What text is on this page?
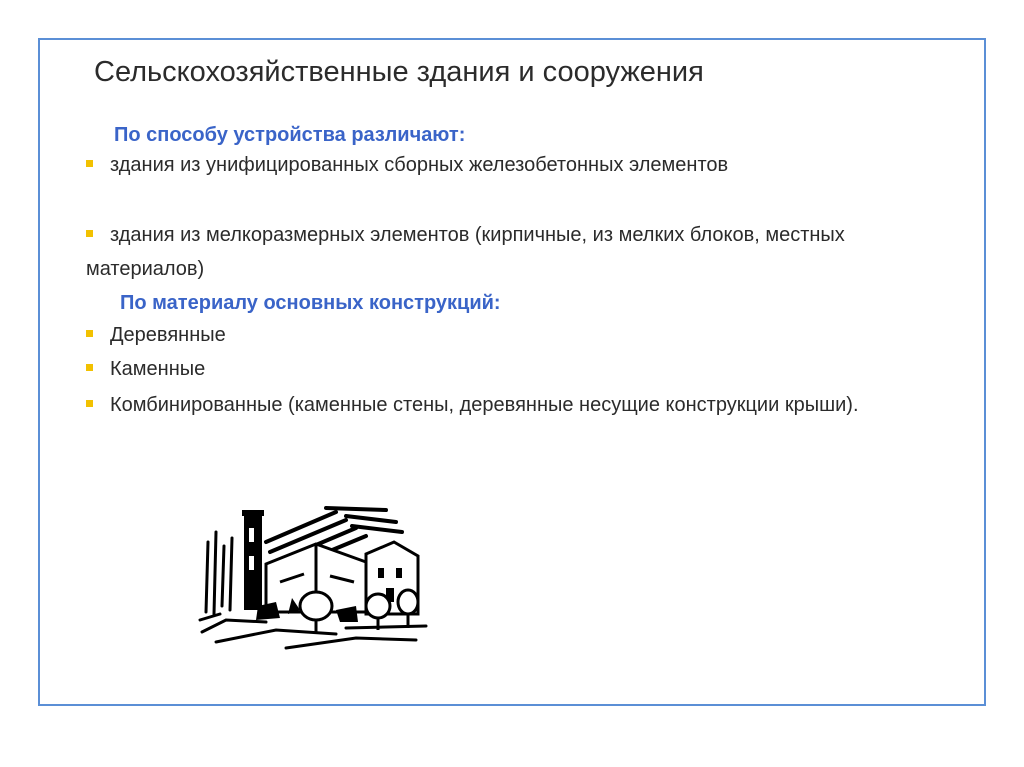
Сельскохозяйственные здания и сооружения
По способу устройства различают:
здания из унифицированных сборных железобетонных элементов
здания из мелкоразмерных элементов (кирпичные, из мелких блоков, местных материалов)
По материалу основных конструкций:
Деревянные
Каменные
Комбинированные (каменные стены, деревянные несущие конструкции крыши).
